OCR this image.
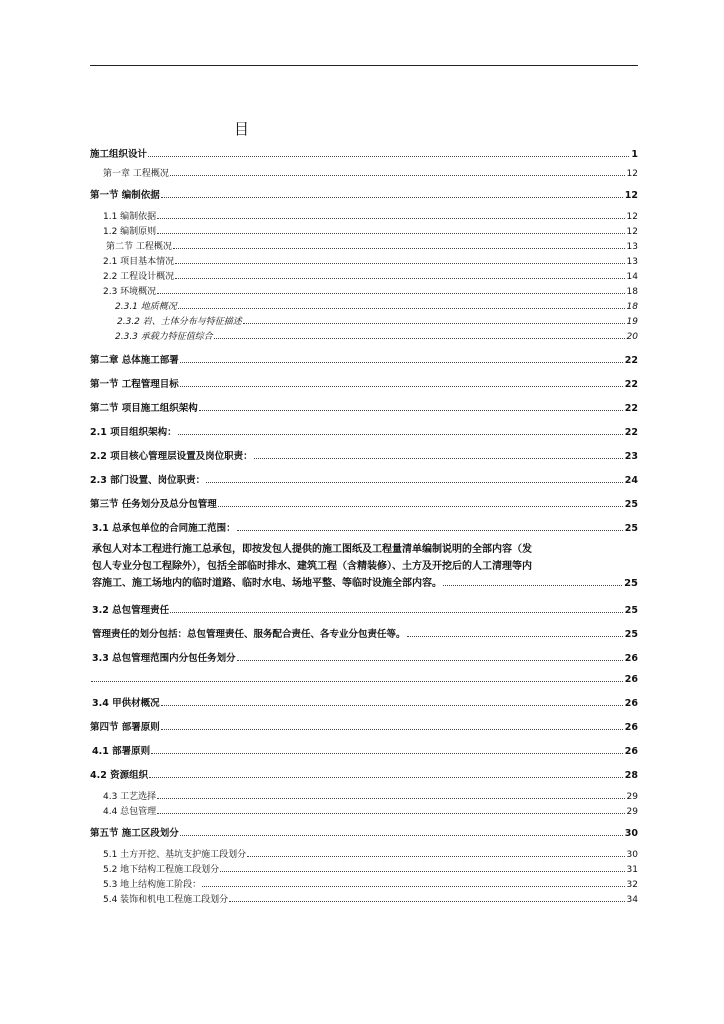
目
施工组织设计	1
第一章 工程概况	12
第一节 编制依据	12
1.1 编制依据	12
1.2 编制原则	12
第二节 工程概况	13
2.1 项目基本情况	13
2.2 工程设计概况	14
2.3 环境概况	18
2.3.1 地质概况	18
2.3.2 岩、土体分布与特征描述	19
2.3.3 承载力特征值综合	20
第二章 总体施工部署	22
第一节 工程管理目标	22
第二节 项目施工组织架构	22
2.1 项目组织架构：	22
2.2 项目核心管理层设置及岗位职责：	23
2.3 部门设置、岗位职责：	24
第三节 任务划分及总分包管理	25
3.1 总承包单位的合同施工范围：	25
承包人对本工程进行施工总承包，即按发包人提供的施工图纸及工程量清单编制说明的全部内容（发
包人专业分包工程除外），包括全部临时排水、建筑工程（含精装修）、土方及开挖后的人工清理等内
容施工、施工场地内的临时道路、临时水电、场地平整、等临时设施全部内容。	25
3.2 总包管理责任	25
管理责任的划分包括：总包管理责任、服务配合责任、各专业分包责任等。	25
3.3 总包管理范围内分包任务划分	26
26
3.4 甲供材概况	26
第四节 部署原则	26
4.1 部署原则	26
4.2 资源组织	28
4.3 工艺选择	29
4.4 总包管理	29
第五节 施工区段划分	30
5.1 土方开挖、基坑支护施工段划分	30
5.2 地下结构工程施工段划分	31
5.3 地上结构施工阶段：	32
5.4 装饰和机电工程施工段划分	34
